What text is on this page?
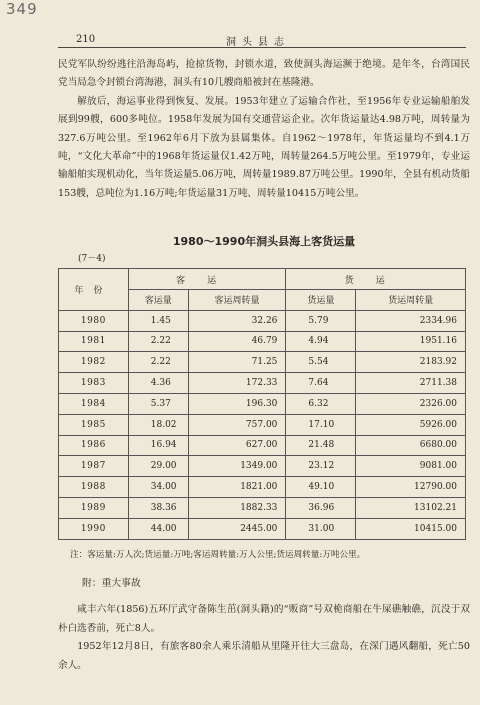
349
210	洞头县志

民党军队纷纷逃往沿海岛屿，抢掠货物，封锁水道，致使洞头海运濒于绝境。是年冬，台湾国民党当局急令封锁台湾海港，洞头有10几艘商船被封在基隆港。

解放后，海运事业得到恢复、发展。1953年建立了运输合作社，至1956年专业运输船舶发展到99艘，600多吨位。1958年发展为国有交通营运企业。次年货运量达4.98万吨，周转量为327.6万吨公里。至1962年6月下放为县属集体。自1962～1978年，年货运量均不到4.1万吨，“文化大革命”中的1968年货运量仅1.42万吨，周转量264.5万吨公里。至1979年，专业运输船舶实现机动化，当年货运量5.06万吨，周转量1989.87万吨公里。1990年，全县有机动货船153艘，总吨位为1.16万吨;年货运量31万吨、周转量10415万吨公里。

1980～1990年洞头县海上客货运量
(7－4)
年份	客运		货运	
	客运量	客运周转量	货运量	货运周转量
1980	1.45	32.26	5.79	2334.96
1981	2.22	46.79	4.94	1951.16
1982	2.22	71.25	5.54	2183.92
1983	4.36	172.33	7.64	2711.38
1984	5.37	196.30	6.32	2326.00
1985	18.02	757.00	17.10	5926.00
1986	16.94	627.00	21.48	6680.00
1987	29.00	1349.00	23.12	9081.00
1988	34.00	1821.00	49.10	12790.00
1989	38.36	1882.33	36.96	13102.21
1990	44.00	2445.00	31.00	10415.00
注：客运量:万人次;货运量:万吨;客运周转量:万人公里;货运周转量:万吨公里。
附：重大事故

咸丰六年(1856)五环厅武守备陈生茁(洞头籍)的“贩商”号双桅商船在牛屎礁触礁，沉没于双朴白选香前，死亡8人。

1952年12月8日，有旅客80余人乘乐清船从里隆开往大三盘岛，在深门遇风翻船，死亡50余人。
